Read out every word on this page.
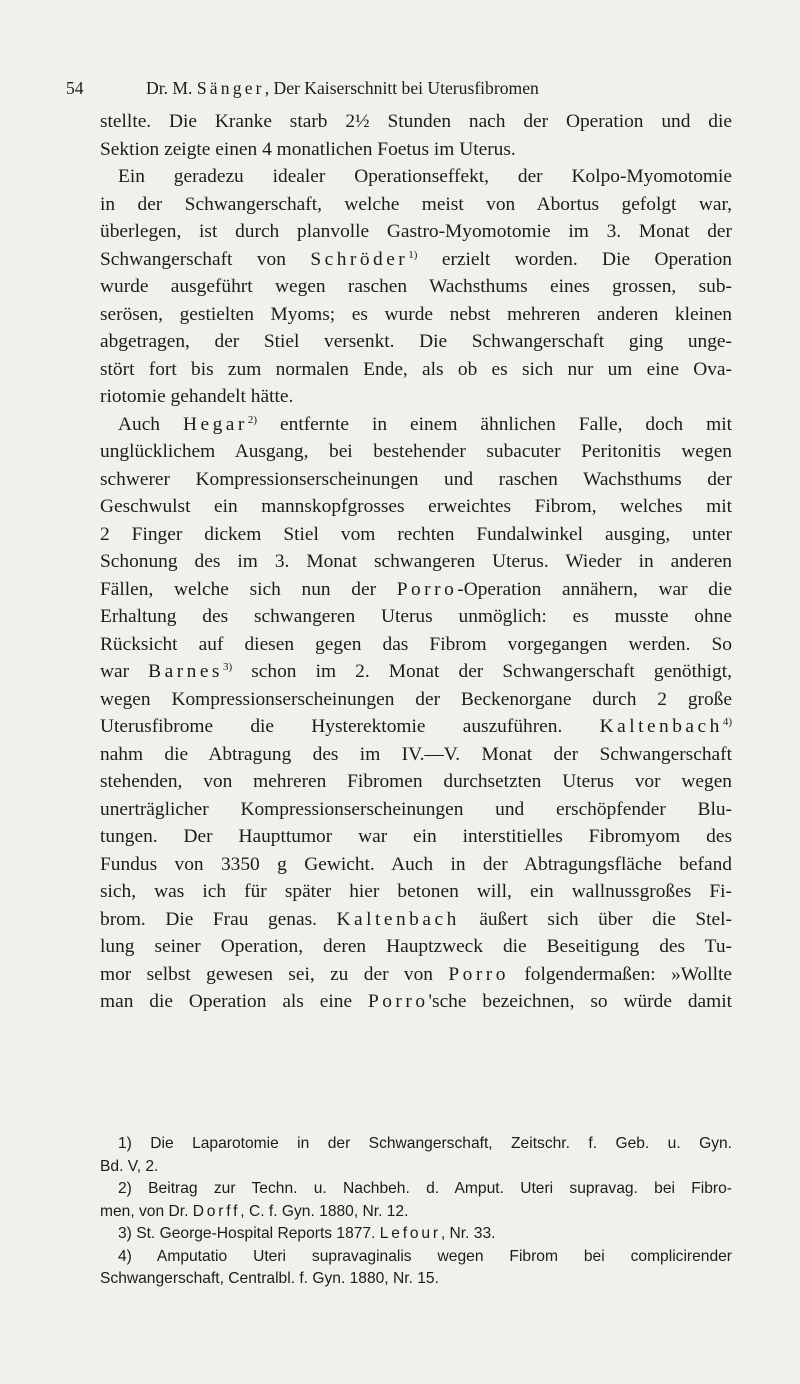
54	Dr. M. Sänger, Der Kaiserschnitt bei Uterusfibromen
stellte. Die Kranke starb 2½ Stunden nach der Operation und die
Sektion zeigte einen 4 monatlichen Foetus im Uterus.
Ein geradezu idealer Operationseffekt, der Kolpo-Myomotomie
in der Schwangerschaft, welche meist von Abortus gefolgt war,
überlegen, ist durch planvolle Gastro-Myomotomie im 3. Monat der
Schwangerschaft von Schröder$^{1)}$ erzielt worden. Die Operation
wurde ausgeführt wegen raschen Wachsthums eines grossen, sub-
serösen, gestielten Myoms; es wurde nebst mehreren anderen kleinen
abgetragen, der Stiel versenkt. Die Schwangerschaft ging unge-
stört fort bis zum normalen Ende, als ob es sich nur um eine Ova-
riotomie gehandelt hätte.
Auch Hegar$^{2)}$ entfernte in einem ähnlichen Falle, doch mit
unglücklichem Ausgang, bei bestehender subacuter Peritonitis wegen
schwerer Kompressionserscheinungen und raschen Wachsthums der
Geschwulst ein mannskopfgrosses erweichtes Fibrom, welches mit
2 Finger dickem Stiel vom rechten Fundalwinkel ausging, unter
Schonung des im 3. Monat schwangeren Uterus. Wieder in anderen
Fällen, welche sich nun der Porro-Operation annähern, war die
Erhaltung des schwangeren Uterus unmöglich: es musste ohne
Rücksicht auf diesen gegen das Fibrom vorgegangen werden. So
war Barnes$^{3)}$ schon im 2. Monat der Schwangerschaft genöthigt,
wegen Kompressionserscheinungen der Beckenorgane durch 2 große
Uterusfibrome die Hysterektomie auszuführen. Kaltenbach$^{4)}$
nahm die Abtragung des im IV.—V. Monat der Schwangerschaft
stehenden, von mehreren Fibromen durchsetzten Uterus vor wegen
unerträglicher Kompressionserscheinungen und erschöpfender Blu-
tungen. Der Haupttumor war ein interstitielles Fibromyom des
Fundus von 3350 g Gewicht. Auch in der Abtragungsfläche befand
sich, was ich für später hier betonen will, ein wallnussgroßes Fi-
brom. Die Frau genas. Kaltenbach äußert sich über die Stel-
lung seiner Operation, deren Hauptzweck die Beseitigung des Tu-
mor selbst gewesen sei, zu der von Porro folgendermaßen: »Wollte
man die Operation als eine Porro'sche bezeichnen, so würde damit
1) Die Laparotomie in der Schwangerschaft, Zeitschr. f. Geb. u. Gyn.
Bd. V, 2.
2) Beitrag zur Techn. u. Nachbeh. d. Amput. Uteri supravag. bei Fibro-
men, von Dr. Dorff, C. f. Gyn. 1880, Nr. 12.
3) St. George-Hospital Reports 1877. Lefour, Nr. 33.
4) Amputatio Uteri supravaginalis wegen Fibrom bei complicirender
Schwangerschaft, Centralbl. f. Gyn. 1880, Nr. 15.
